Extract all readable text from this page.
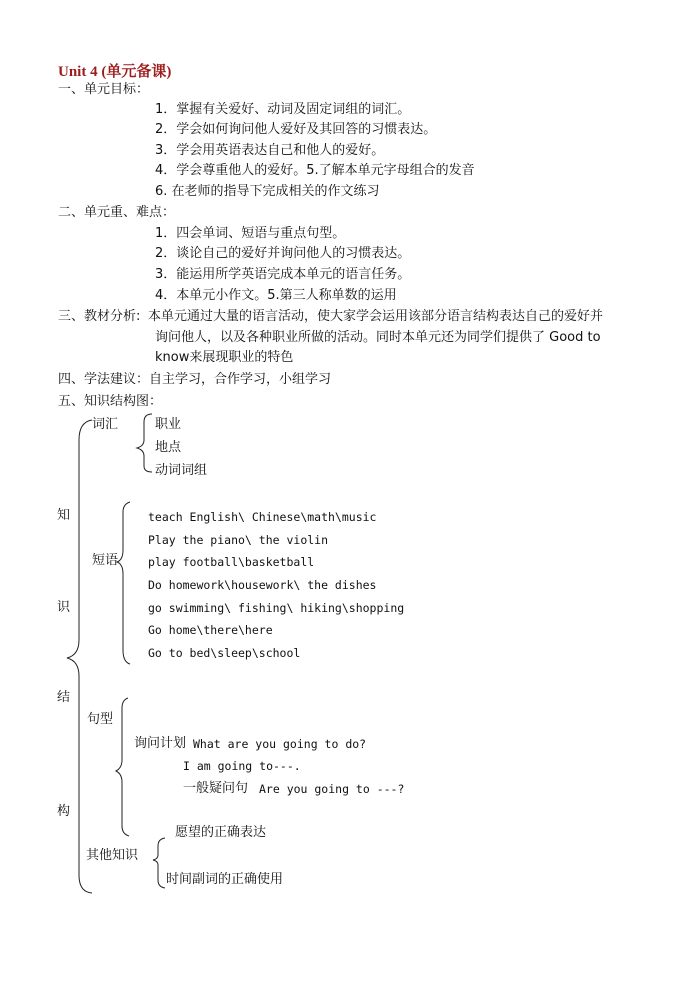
Unit 4 (单元备课)
一、单元目标：
1．掌握有关爱好、动词及固定词组的词汇。
2．学会如何询问他人爱好及其回答的习惯表达。
3．学会用英语表达自己和他人的爱好。
4．学会尊重他人的爱好。5.了解本单元字母组合的发音
6. 在老师的指导下完成相关的作文练习
二、单元重、难点：
1．四会单词、短语与重点句型。
2．谈论自己的爱好并询问他人的习惯表达。
3．能运用所学英语完成本单元的语言任务。
4．本单元小作文。5.第三人称单数的运用
三、教材分析: 本单元通过大量的语言活动，使大家学会运用该部分语言结构表达自己的爱好并
询问他人，以及各种职业所做的活动。同时本单元还为同学们提供了 Good to
know来展现职业的特色
四、学法建议：自主学习，合作学习，小组学习
五、知识结构图：
知
识
结
构
词汇	职业
地点
动词词组
短语
teach English\ Chinese\math\music
Play the piano\ the violin
play football\basketball
Do homework\housework\ the dishes
go swimming\ fishing\ hiking\shopping
Go home\there\here
Go to bed\sleep\school
句型
询问计划 What are you going to do?
I am going to---.
一般疑问句 Are you going to ---?
其他知识
愿望的正确表达
时间副词的正确使用
